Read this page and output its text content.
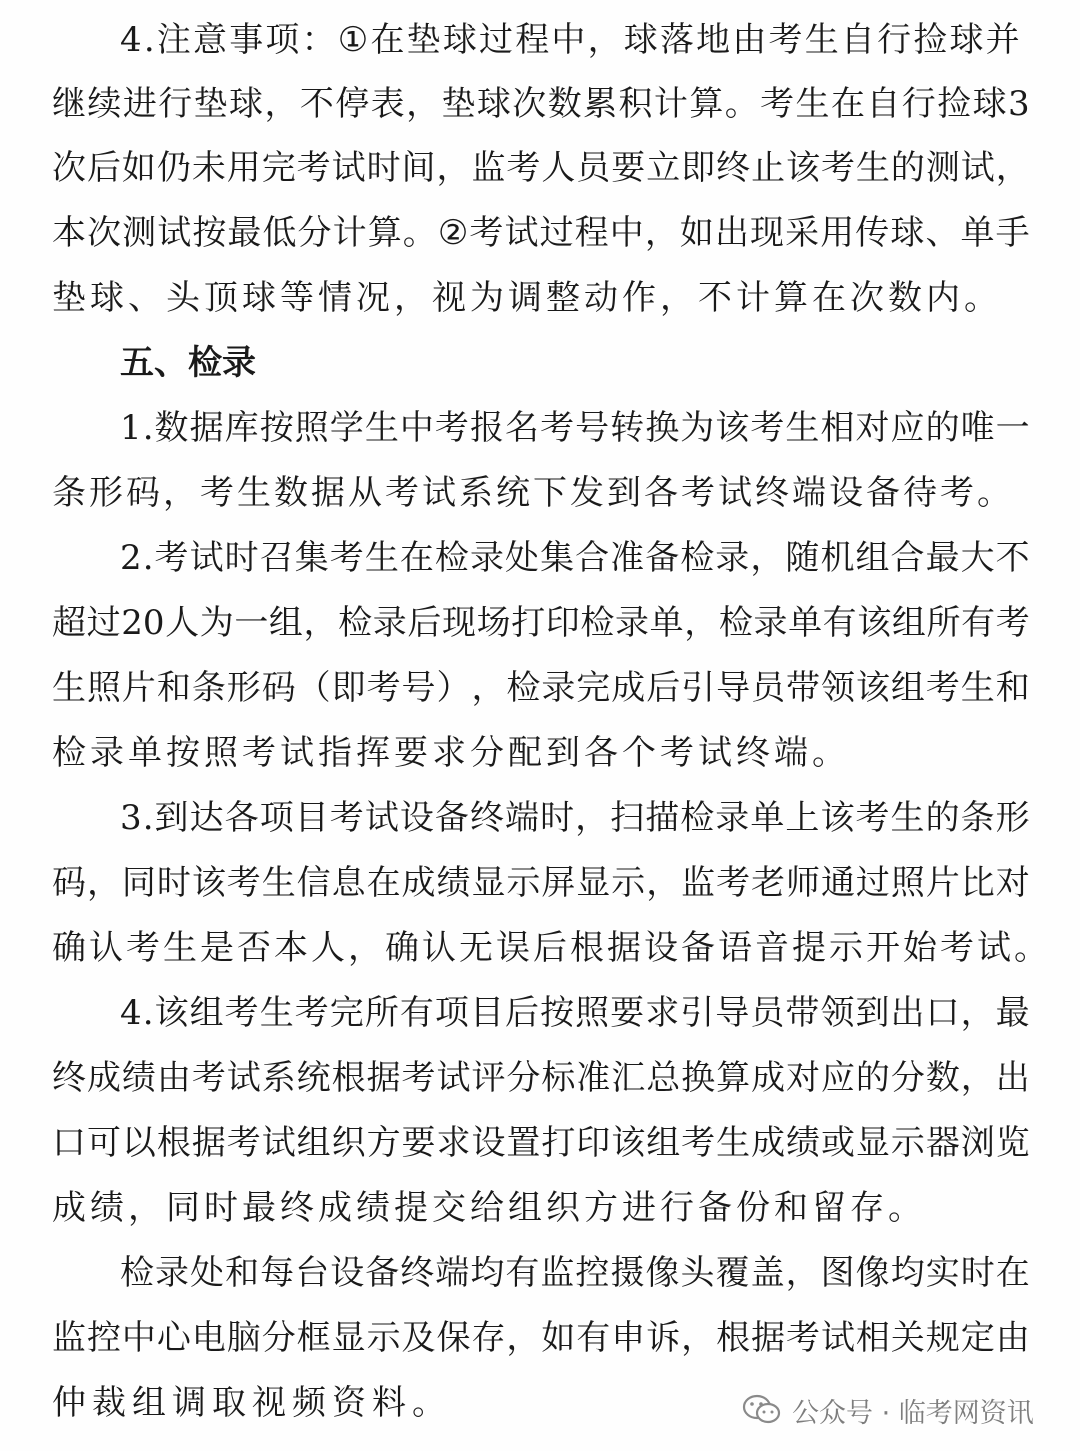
4 . 注 意 事 项 ： ① 在 垫 球 过 程 中 ， 球 落 地 由 考 生 自 行 捡 球 并
继 续 进 行 垫 球 ， 不 停 表 ， 垫 球 次 数 累 积 计 算 。 考 生 在 自 行 捡 球 3
次 后 如 仍 未 用 完 考 试 时 间 ， 监 考 人 员 要 立 即 终 止 该 考 生 的 测 试 ，
本 次 测 试 按 最 低 分 计 算 。 ② 考 试 过 程 中 ， 如 出 现 采 用 传 球 、 单 手
垫球、头顶球等情况，视为调整动作，不计算在次数内。
五、检录
1 . 数 据 库 按 照 学 生 中 考 报 名 考 号 转 换 为 该 考 生 相 对 应 的 唯 一
条形码，考生数据从考试系统下发到各考试终端设备待考。
2 . 考 试 时 召 集 考 生 在 检 录 处 集 合 准 备 检 录 ， 随 机 组 合 最 大 不
超 过 20 人 为 一 组 ， 检 录 后 现 场 打 印 检 录 单 ， 检 录 单 有 该 组 所 有 考
生 照 片 和 条 形 码 （ 即 考 号 ） ， 检 录 完 成 后 引 导 员 带 领 该 组 考 生 和
检录单按照考试指挥要求分配到各个考试终端。
3 . 到 达 各 项 目 考 试 设 备 终 端 时 ， 扫 描 检 录 单 上 该 考 生 的 条 形
码 ， 同 时 该 考 生 信 息 在 成 绩 显 示 屏 显 示 ， 监 考 老 师 通 过 照 片 比 对
确认考生是否本人，确认无误后根据设备语音提示开始考试。
4 . 该 组 考 生 考 完 所 有 项 目 后 按 照 要 求 引 导 员 带 领 到 出 口 ， 最
终 成 绩 由 考 试 系 统 根 据 考 试 评 分 标 准 汇 总 换 算 成 对 应 的 分 数 ， 出
口 可 以 根 据 考 试 组 织 方 要 求 设 置 打 印 该 组 考 生 成 绩 或 显 示 器 浏 览
成绩，同时最终成绩提交给组织方进行备份和留存。
检 录 处 和 每 台 设 备 终 端 均 有 监 控 摄 像 头 覆 盖 ， 图 像 均 实 时 在
监 控 中 心 电 脑 分 框 显 示 及 保 存 ， 如 有 申 诉 ， 根 据 考 试 相 关 规 定 由
仲裁组调取视频资料。	公众号 · 临考网资讯
